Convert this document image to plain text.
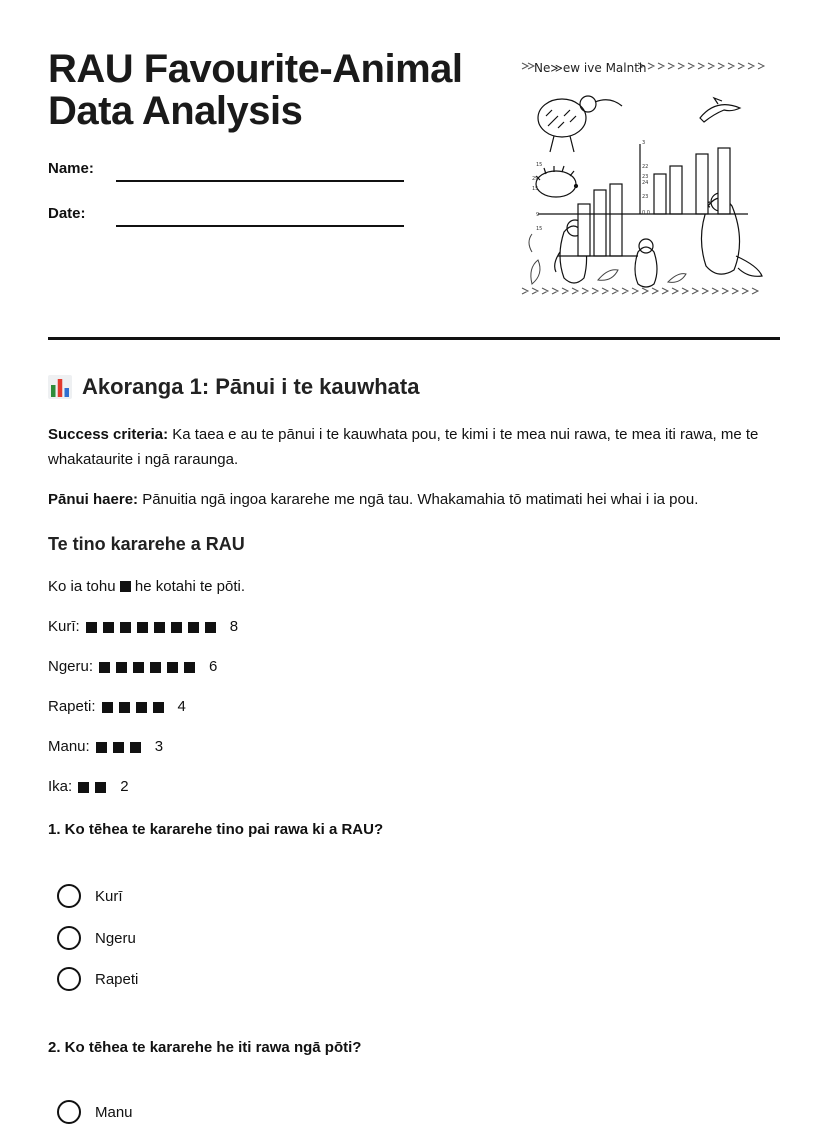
RAU Favourite-Animal
Data Analysis
Name:
Date:
Ne≫ew ive Malnth
3
22
23
24
23
0.0
15
9
15
29
15
Akoranga 1: Pānui i te kauwhata

Success criteria: Ka taea e au te pānui i te kauwhata pou, te kimi i te mea nui rawa, te mea iti rawa, me te whakataurite i ngā raraunga.

Pānui haere: Pānuitia ngā ingoa kararehe me ngā tau. Whakamahia tō matimati hei whai i ia pou.

Te tino kararehe a RAU
Ko ia tohu he kotahi te pōti.
Kurī:	8
Ngeru:	6
Rapeti:	4
Manu:	3
Ika:	2

1. Ko tēhea te kararehe tino pai rawa ki a RAU?

Kurī
Ngeru
Rapeti

2. Ko tēhea te kararehe he iti rawa ngā pōti?

Manu
